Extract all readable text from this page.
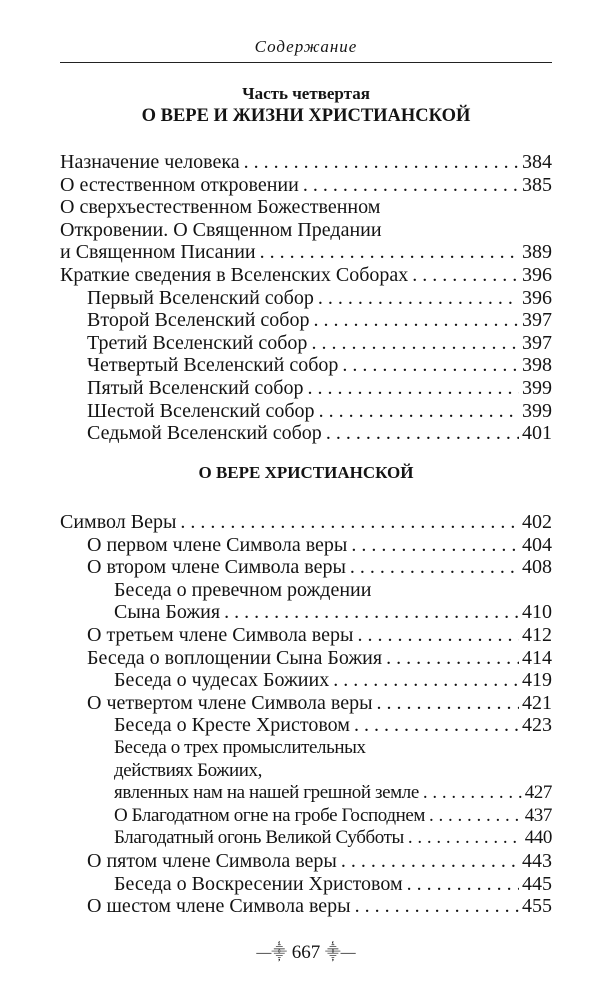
Содержание
Часть четвертая
О ВЕРЕ И ЖИЗНИ ХРИСТИАНСКОЙ
Назначение человека . . .	384
О естественном откровении . . .	385
О сверхъестественном Божественном
Откровении. О Священном Предании
и Священном Писании . . .	389
Краткие сведения в Вселенских Соборах . . .	396
Первый Вселенский собор . . .	396
Второй Вселенский собор . . .	397
Третий Вселенский собор . . .	397
Четвертый Вселенский собор . . .	398
Пятый Вселенский собор . . .	399
Шестой Вселенский собор . . .	399
Седьмой Вселенский собор . . .	401
О ВЕРЕ ХРИСТИАНСКОЙ
Символ Веры . . .	402
О первом члене Символа веры . . .	404
О втором члене Символа веры . . .	408
Беседа о превечном рождении
Сына Божия . . .	410
О третьем члене Символа веры . . .	412
Беседа о воплощении Сына Божия . . .	414
Беседа о чудесах Божиих . . .	419
О четвертом члене Символа веры . . .	421
Беседа о Кресте Христовом . . .	423
Беседа о трех промыслительных
действиях Божиих,
явленных нам на нашей грешной земле . . .	427
О Благодатном огне на гробе Господнем . . .	437
Благодатный огонь Великой Субботы . . .	440
О пятом члене Символа веры . . .	443
Беседа о Воскресении Христовом . . .	445
О шестом члене Символа веры . . .	455
—⸎ 667 ⸎—
